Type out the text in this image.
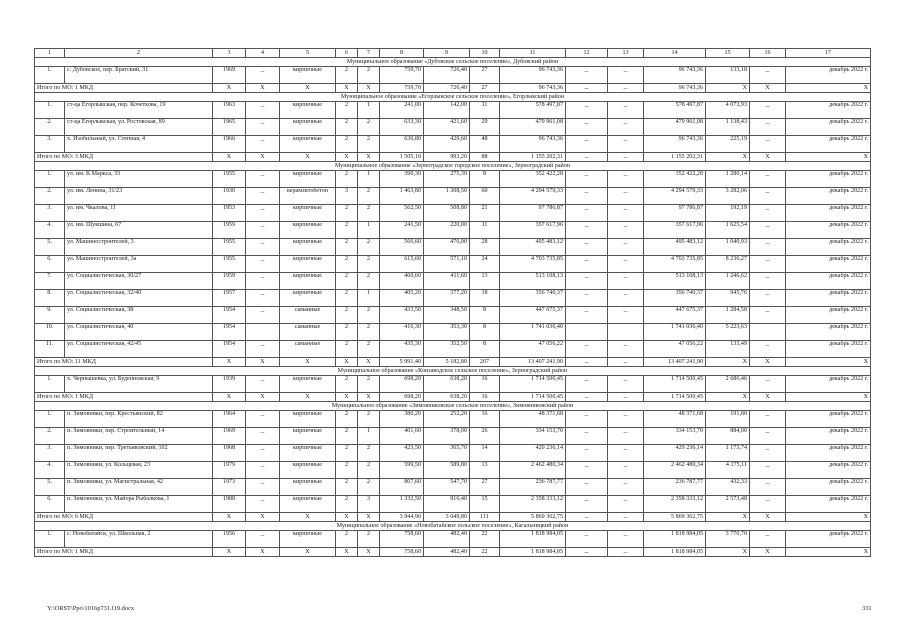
1	2	3	4	5	6	7	8	9	10	11	12	13	14	15	16	17
Муниципальное образование «Дубовское сельское поселение», Дубовский район																
1.	с. Дубовское, пер. Братский, 31	1969	–	кирпичные	2	2	759,70	726,40	27	96 743,36	–	–	96 743,36	133,18	–	декабрь 2022 г.
Итого по МО: 1 МКД		X	X	X	X	X	759,70	726,40	27	96 743,36	–	–	96 743,36	X	X	X
Муниципальное образование «Егорлыкское сельское поселение», Егорлыкский район																
1.	ст-ца Егорлыкская, пер. Кочеткова, 19	1963	–	кирпичные	2	1	241,00	142,00	11	578 497,87	–	–	578 497,87	4 073,93	–	декабрь 2022 г.
2.	ст-ца Егорлыкская, ул. Ростовская, 89	1965	–	кирпичные	2	2	633,30	421,60	29	479 961,08	–	–	479 961,08	1 138,43	–	декабрь 2022 г.
3.	х. Изобильный, ул. Степная, 4	1966	–	кирпичные	2	2	630,80	429,60	48	96 743,36	–	–	96 743,36	225,19	–	декабрь 2022 г.
Итого по МО: 3 МКД		X	X	X	X	X	1 505,10	993,20	88	1 155 202,31	–	–	1 155 202,31	X	X	X
Муниципальное образование «Зерноградское городское поселение», Зерноградский район																
1.	ул. им. К.Маркса, 33	1955	–	кирпичные	2	1	390,30	275,30	8	352 422,28	–	–	352 422,28	1 280,14	–	декабрь 2022 г.
2.	ул. им. Ленина, 31/23	1930	–	керамзитобетон	3	2	1 463,80	1 308,50	60	4 294 579,33	–	–	4 294 579,33	3 282,06	–	декабрь 2022 г.
3.	ул. им. Чкалова, 11	1953	–	кирпичные	2	2	562,50	508,80	21	97 786,87	–	–	97 786,87	192,19	–	декабрь 2022 г.
4.	ул. им. Шукшина, 67	1959	–	кирпичные	2	1	241,50	220,00	11	357 617,96	–	–	357 617,96	1 625,54	–	декабрь 2022 г.
5.	ул. Машиностроителей, 3	1955	–	кирпичные	2	2	566,60	476,00	28	495 483,12	–	–	495 483,12	1 040,93	–	декабрь 2022 г.
6.	ул. Машиностроителей, 3а	1955	–	кирпичные	2	2	615,60	571,10	24	4 703 735,85	–	–	4 703 735,85	8 236,27	–	декабрь 2022 г.
7.	ул. Социалистическая, 30/27	1959	–	кирпичные	2	2	460,60	411,60	13	513 108,13	–	–	513 108,13	1 246,62	–	декабрь 2022 г.
8.	ул. Социалистическая, 32/40	1957	–	кирпичные	2	1	405,20	377,20	18	356 740,37	–	–	356 740,37	945,76	–	декабрь 2022 г.
9.	ул. Социалистическая, 38	1954	–	саманные	2	2	433,50	348,50	8	447 675,37	–	–	447 675,37	1 284,58	–	декабрь 2022 г.
10.	ул. Социалистическая, 40	1954		саманные	2	2	416,30	353,30	8	1 741 036,40			1 741 036,40	5 223,63		декабрь 2022 г.
11.	ул. Социалистическая, 42/45	1954	–	саманные	2	2	435,30	352,50	8	47 056,22	–	–	47 056,22	133,49	–	декабрь 2022 г.
Итого по МО: 11 МКД		X	X	X	X	X	5 991,40	5 182,80	207	13 407 241,90	–	–	13 407 241,90	X	X	X
Муниципальное образование «Конзаводское сельское поселение», Зерноградский район																
1.	х. Чернышевка, ул. Буденновская, 9	1939	–	кирпичные	2	2	698,20	638,20	16	1 714 500,45	–	–	1 714 500,45	2 686,46	–	декабрь 2022 г.
Итого по МО: 1 МКД		X	X	X	X	X	698,20	638,20	16	1 714 500,45	–	–	1 714 500,45	X	X	X
Муниципальное образование «Зимовниковское сельское поселение», Зимовниковский район																
1.	п. Зимовники, пер. Крестьянский, 82	1964	–	кирпичные	2	2	380,20	252,20	16	48 371,68	–	–	48 371,68	191,80	–	декабрь 2022 г.
2.	п. Зимовники, пер. Строительный, 14	1969	–	кирпичные	2	1	401,60	378,00	26	334 153,70	–	–	334 153,70	884,00	–	декабрь 2022 г.
3.	п. Зимовники, пер. Третьяковский, 102	1968	–	кирпичные	2	2	423,50	365,70	14	429 236,14	–	–	429 236,14	1 173,74	–	декабрь 2022 г.
4.	п. Зимовники, ул. Кольцевая, 23	1979	–	кирпичные	2	2	599,50	589,80	13	2 462 480,34	–	–	2 462 480,34	4 175,11	–	декабрь 2022 г.
5.	п. Зимовники, ул. Магистральная, 42	1973	–	кирпичные	2	2	807,60	547,70	27	236 787,77	–	–	236 787,77	432,33	–	декабрь 2022 г.
6.	п. Зимовники, ул. Майора Рыбалкова, 1	1988	–	кирпичные	2	3	1 332,50	916,40	15	2 358 333,12	–	–	2 358 333,12	2 573,48	–	декабрь 2022 г.
Итого по МО: 6 МКД		X	X	X	X	X	3 944,90	3 049,80	111	5 869 362,75	–	–	5 869 362,75	X	X	X
Муниципальное образование «Новобатайское сельское поселение», Кагальницкий район																
1.	с. Новобатайск, ул. Школьная, 2	1956	–	кирпичные	2	2	758,60	482,40	22	1 818 984,05	–	–	1 818 984,05	3 770,70	–	декабрь 2022 г.
Итого по МО: 1 МКД		X	X	X	X	X	758,60	482,40	22	1 818 984,05	–	–	1 818 984,05	X	X	X
Y:\ORST\Ppo\1016p731.f19.docx	331
